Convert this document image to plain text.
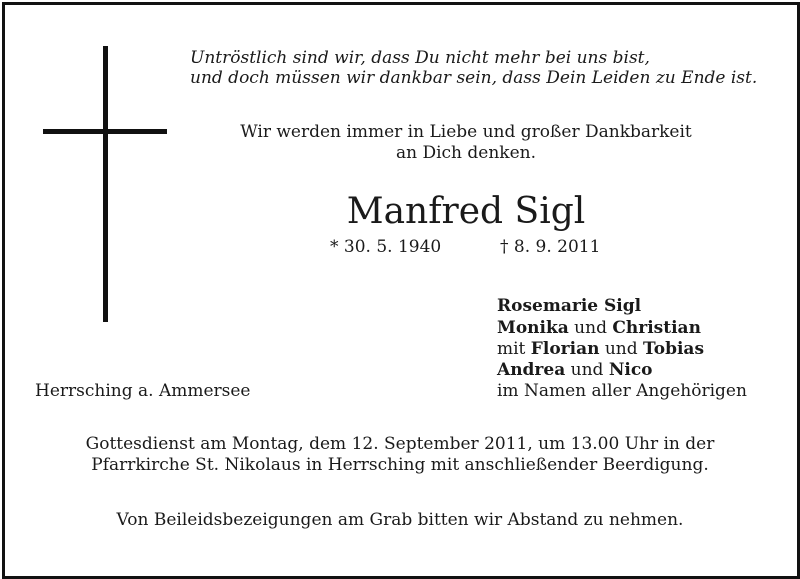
Untröstlich sind wir, dass Du nicht mehr bei uns bist,
und doch müssen wir dankbar sein, dass Dein Leiden zu Ende ist.
Wir werden immer in Liebe und großer Dankbarkeit
an Dich denken.
Manfred Sigl
* 30. 5. 1940	† 8. 9. 2011
Rosemarie Sigl
Monika und Christian
mit Florian und Tobias
Andrea und Nico
im Namen aller Angehörigen
Herrsching a. Ammersee
Gottesdienst am Montag, dem 12. September 2011, um 13.00 Uhr in der
Pfarrkirche St. Nikolaus in Herrsching mit anschließender Beerdigung.
Von Beileidsbezeigungen am Grab bitten wir Abstand zu nehmen.
